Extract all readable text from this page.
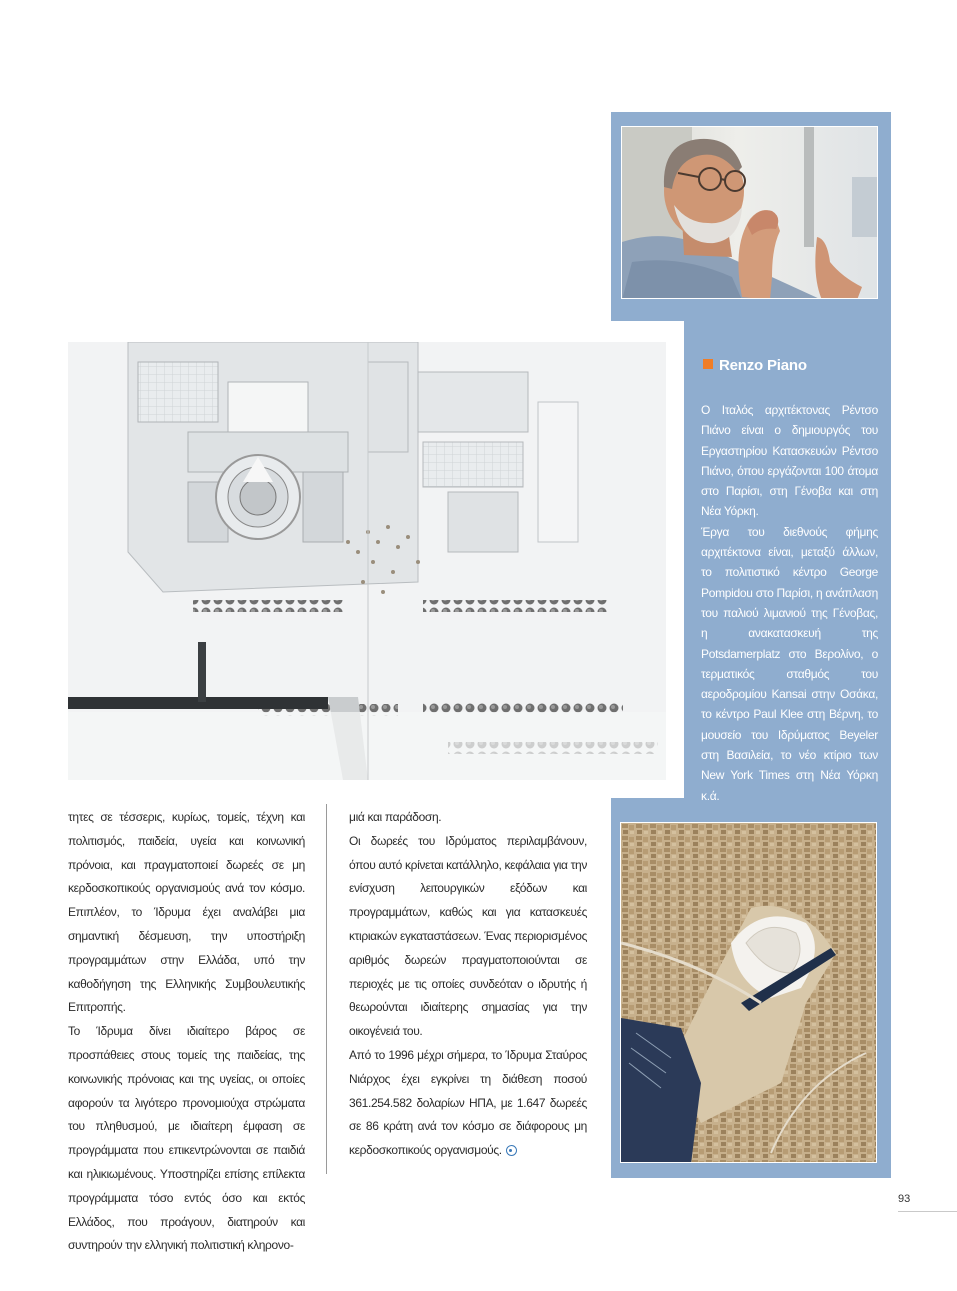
Renzo Piano

Ο Ιταλός αρχιτέκτονας Ρέντσο Πιάνο είναι ο δημιουργός του Εργαστηρίου Κατασκευών Ρέντσο Πιάνο, όπου εργάζονται 100 άτομα στο Παρίσι, στη Γένοβα και στη Νέα Υόρκη.

Έργα του διεθνούς φήμης αρχιτέκτονα είναι, μεταξύ άλλων, το πολιτιστικό κέντρο George Pompidou στο Παρίσι, η ανάπλαση του παλιού λιμανιού της Γένοβας, η ανακατασκευή της Potsdamerplatz στο Βερολίνο, ο τερματικός σταθμός του αεροδρομίου Kansai στην Οσάκα, το κέντρο Paul Klee στη Βέρνη, το μουσείο του Ιδρύματος Beyeler στη Βασιλεία, το νέο κτίριο των New York Times στη Νέα Υόρκη κ.ά.

τητες σε τέσσερις, κυρίως, τομείς, τέχνη και πολιτισμός, παιδεία, υγεία και κοινωνική πρόνοια, και πραγματοποιεί δωρεές σε μη κερδοσκοπικούς οργανισμούς ανά τον κόσμο. Επιπλέον, το Ίδρυμα έχει αναλάβει μια σημαντική δέσμευση, την υποστήριξη προγραμμάτων στην Ελλάδα, υπό την καθοδήγηση της Ελληνικής Συμβουλευτικής Επιτροπής.

Το Ίδρυμα δίνει ιδιαίτερο βάρος σε προσπάθειες στους τομείς της παιδείας, της κοινωνικής πρόνοιας και της υγείας, οι οποίες αφορούν τα λιγότερο προνομιούχα στρώματα του πληθυσμού, με ιδιαίτερη έμφαση σε προγράμματα που επικεντρώνονται σε παιδιά και ηλικιωμένους. Υποστηρίζει επίσης επίλεκτα προγράμματα τόσο εντός όσο και εκτός Ελλάδος, που προάγουν, διατηρούν και συντηρούν την ελληνική πολιτιστική κληρονο-

μιά και παράδοση.

Οι δωρεές του Ιδρύματος περιλαμβάνουν, όπου αυτό κρίνεται κατάλληλο, κεφάλαια για την ενίσχυση λειτουργικών εξόδων και προγραμμάτων, καθώς και για κατασκευές κτιριακών εγκαταστάσεων. Ένας περιορισμένος αριθμός δωρεών πραγματοποιούνται σε περιοχές με τις οποίες συνδεόταν ο ιδρυτής ή θεωρούνται ιδιαίτερης σημασίας για την οικογένειά του.

Από το 1996 μέχρι σήμερα, το Ίδρυμα Σταύρος Νιάρχος έχει εγκρίνει τη διάθεση ποσού 361.254.582 δολαρίων ΗΠΑ, με 1.647 δωρεές σε 86 κράτη ανά τον κόσμο σε διάφορους μη κερδοσκοπικούς οργανισμούς.

93
